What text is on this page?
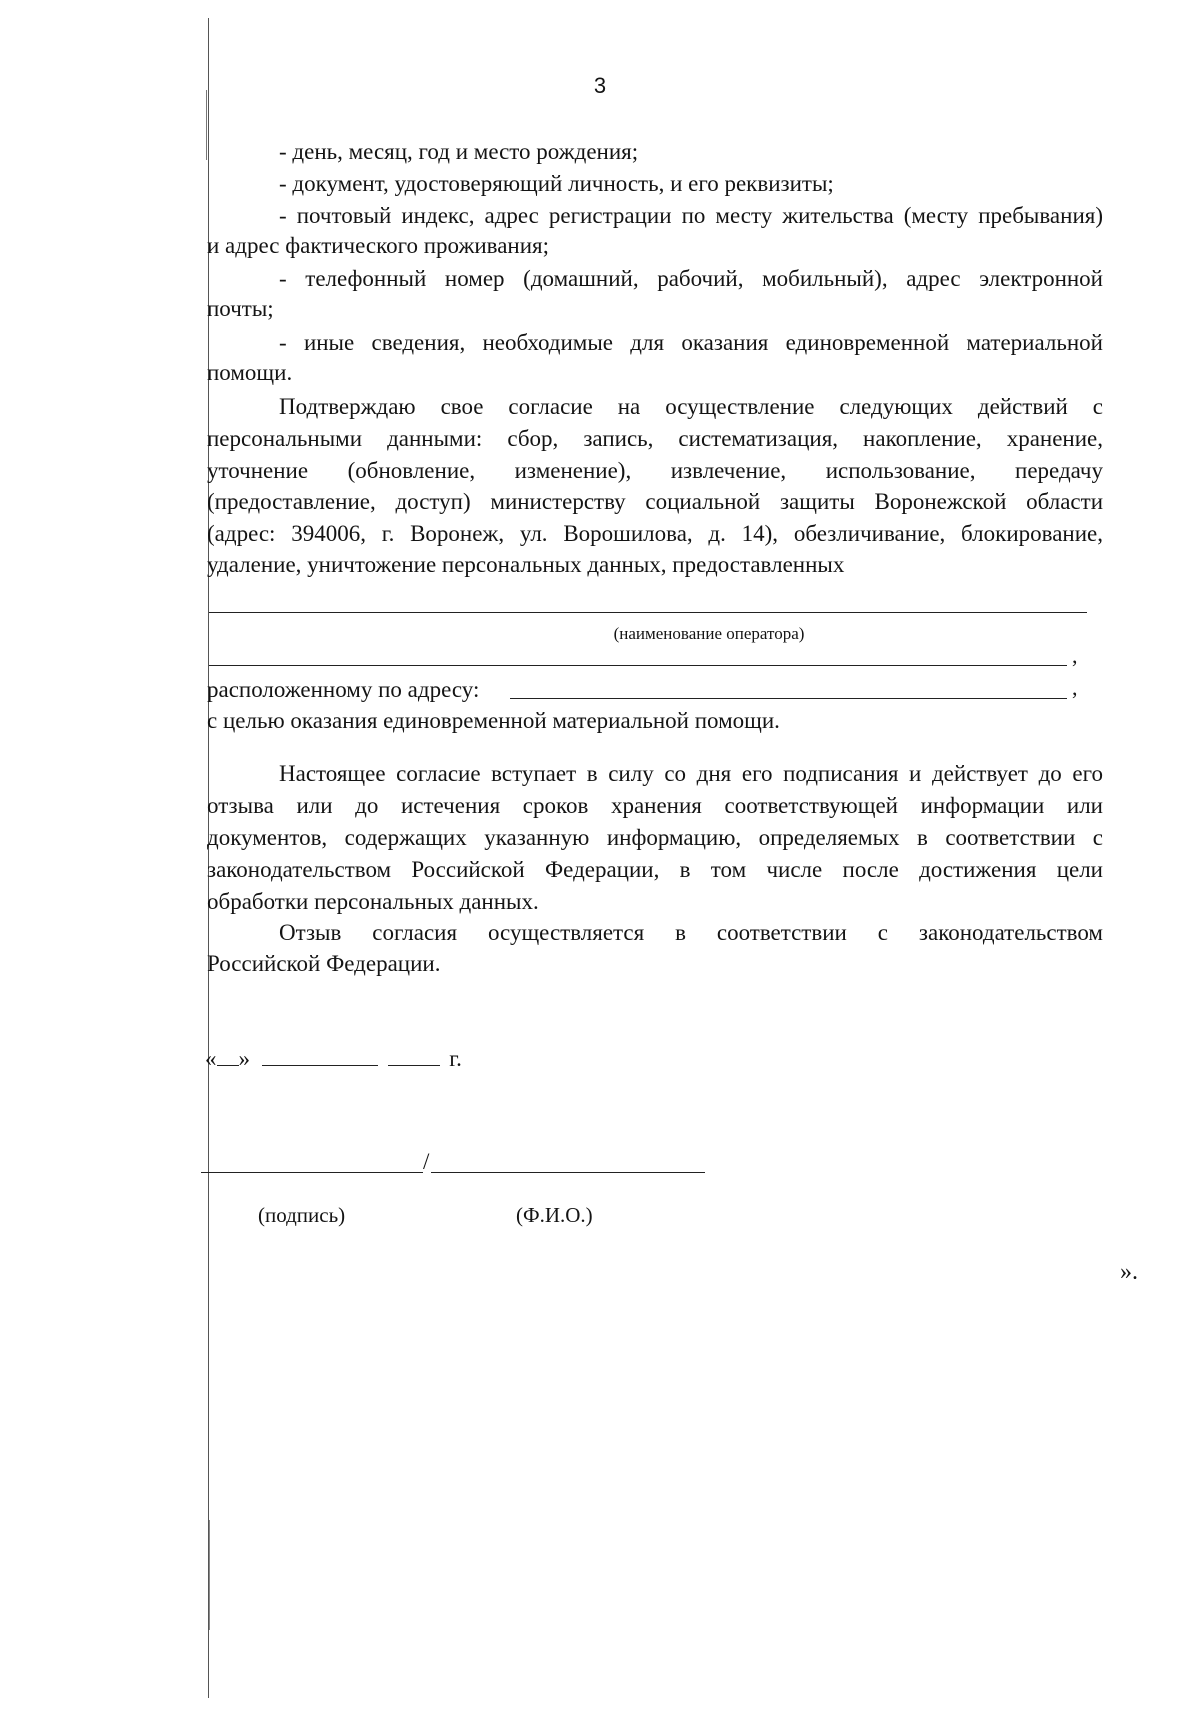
3
- день, месяц, год и место рождения;
- документ, удостоверяющий личность, и его реквизиты;
- почтовый индекс, адрес регистрации по месту жительства (месту пребывания)
и адрес фактического проживания;
- телефонный номер (домашний, рабочий, мобильный), адрес электронной
почты;
- иные сведения, необходимые для оказания единовременной материальной
помощи.
Подтверждаю свое согласие на осуществление следующих действий с
персональными данными: сбор, запись, систематизация, накопление, хранение,
уточнение (обновление, изменение), извлечение, использование, передачу
(предоставление, доступ) министерству социальной защиты Воронежской области
(адрес: 394006, г. Воронеж, ул. Ворошилова, д. 14), обезличивание, блокирование,
удаление, уничтожение персональных данных, предоставленных
(наименование оператора)
,
расположенному по адресу:	,
с целью оказания единовременной материальной помощи.
Настоящее согласие вступает в силу со дня его подписания и действует до его
отзыва или до истечения сроков хранения соответствующей информации или
документов, содержащих указанную информацию, определяемых в соответствии с
законодательством Российской Федерации, в том числе после достижения цели
обработки персональных данных.
Отзыв согласия осуществляется в соответствии с законодательством
Российской Федерации.
« »	г.
/
(подпись)	(Ф.И.О.)
».
